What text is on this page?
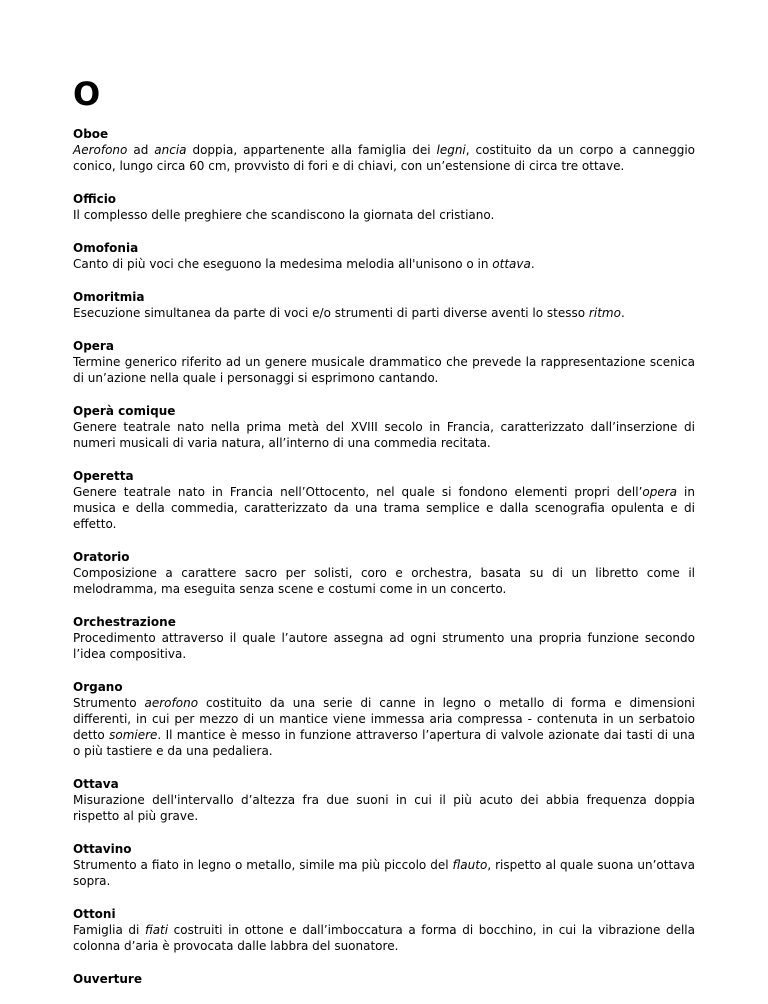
O
Oboe

Aerofono ad ancia doppia, appartenente alla famiglia dei legni, costituito da un corpo a canneggio conico, lungo circa 60 cm, provvisto di fori e di chiavi, con un’estensione di circa tre ottave.

Officio

Il complesso delle preghiere che scandiscono la giornata del cristiano.

Omofonia

Canto di più voci che eseguono la medesima melodia all'unisono o in ottava.

Omoritmia

Esecuzione simultanea da parte di voci e/o strumenti di parti diverse aventi lo stesso ritmo.

Opera

Termine generico riferito ad un genere musicale drammatico che prevede la rappresentazione scenica di un’azione nella quale i personaggi si esprimono cantando.

Operà comique

Genere teatrale nato nella prima metà del XVIII secolo in Francia, caratterizzato dall’inserzione di numeri musicali di varia natura, all’interno di una commedia recitata.

Operetta

Genere teatrale nato in Francia nell’Ottocento, nel quale si fondono elementi propri dell’opera in musica e della commedia, caratterizzato da una trama semplice e dalla scenografia opulenta e di effetto.

Oratorio

Composizione a carattere sacro per solisti, coro e orchestra, basata su di un libretto come il melodramma, ma eseguita senza scene e costumi come in un concerto.

Orchestrazione

Procedimento attraverso il quale l’autore assegna ad ogni strumento una propria funzione secondo l’idea compositiva.

Organo

Strumento aerofono costituito da una serie di canne in legno o metallo di forma e dimensioni differenti, in cui per mezzo di un mantice viene immessa aria compressa - contenuta in un serbatoio detto somiere. Il mantice è messo in funzione attraverso l’apertura di valvole azionate dai tasti di una o più tastiere e da una pedaliera.

Ottava

Misurazione dell'intervallo d’altezza fra due suoni in cui il più acuto dei abbia frequenza doppia rispetto al più grave.

Ottavino

Strumento a fiato in legno o metallo, simile ma più piccolo del flauto, rispetto al quale suona un’ottava sopra.

Ottoni

Famiglia di fiati costruiti in ottone e dall’imboccatura a forma di bocchino, in cui la vibrazione della colonna d’aria è provocata dalle labbra del suonatore.

Ouverture
